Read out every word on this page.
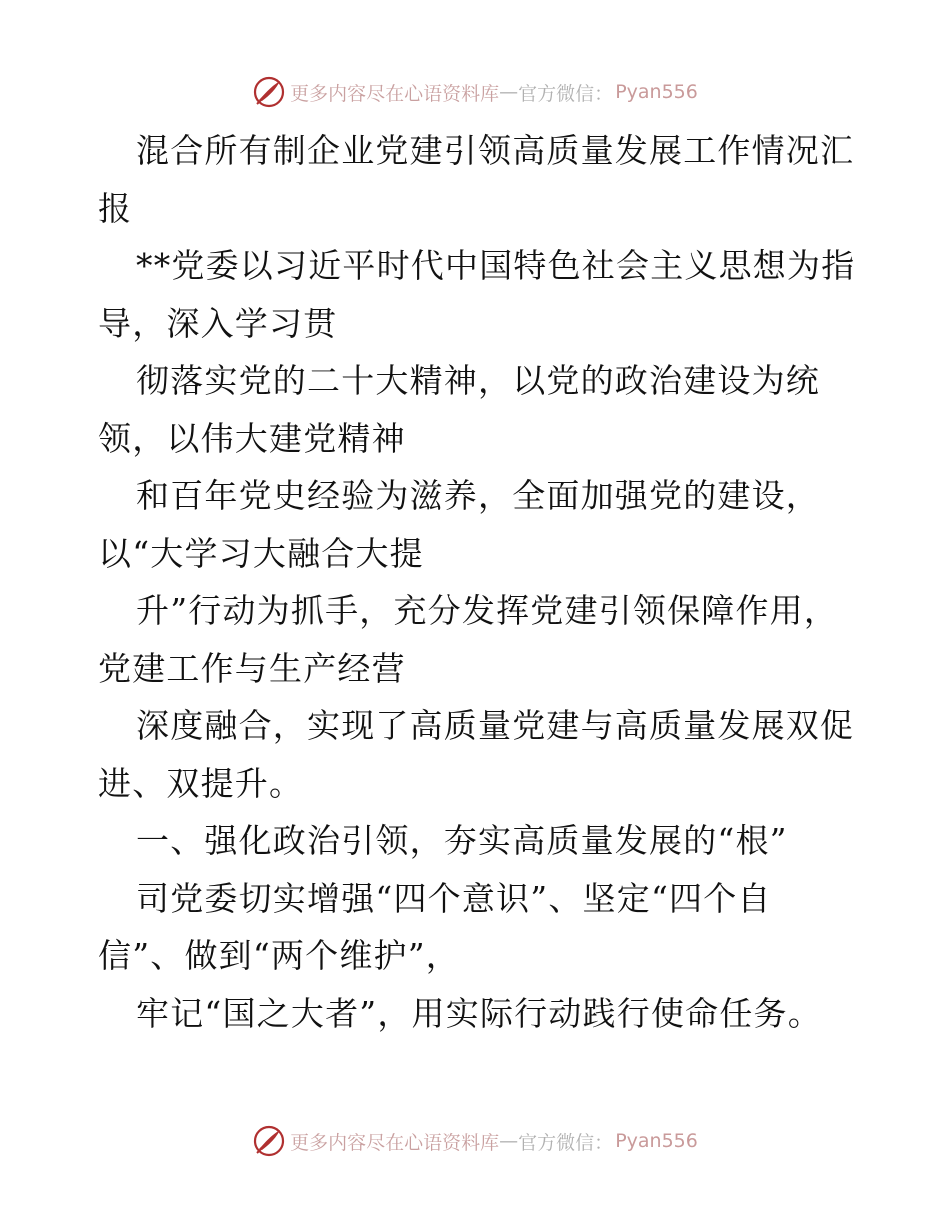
更多内容尽在心语资料库 — 官方微信： Pyan556

混合所有制企业党建引领高质量发展工作情况汇报

**党委以习近平时代中国特色社会主义思想为指导，深入学习贯

彻落实党的二十大精神，以党的政治建设为统领，以伟大建党精神

和百年党史经验为滋养，全面加强党的建设，以“大学习大融合大提

升”行动为抓手，充分发挥党建引领保障作用，党建工作与生产经营

深度融合，实现了高质量党建与高质量发展双促进、双提升。

一、强化政治引领，夯实高质量发展的“根”

司党委切实增强“四个意识”、坚定“四个自信”、做到“两个维护”，

牢记“国之大者”，用实际行动践行使命任务。

更多内容尽在心语资料库 — 官方微信： Pyan556
